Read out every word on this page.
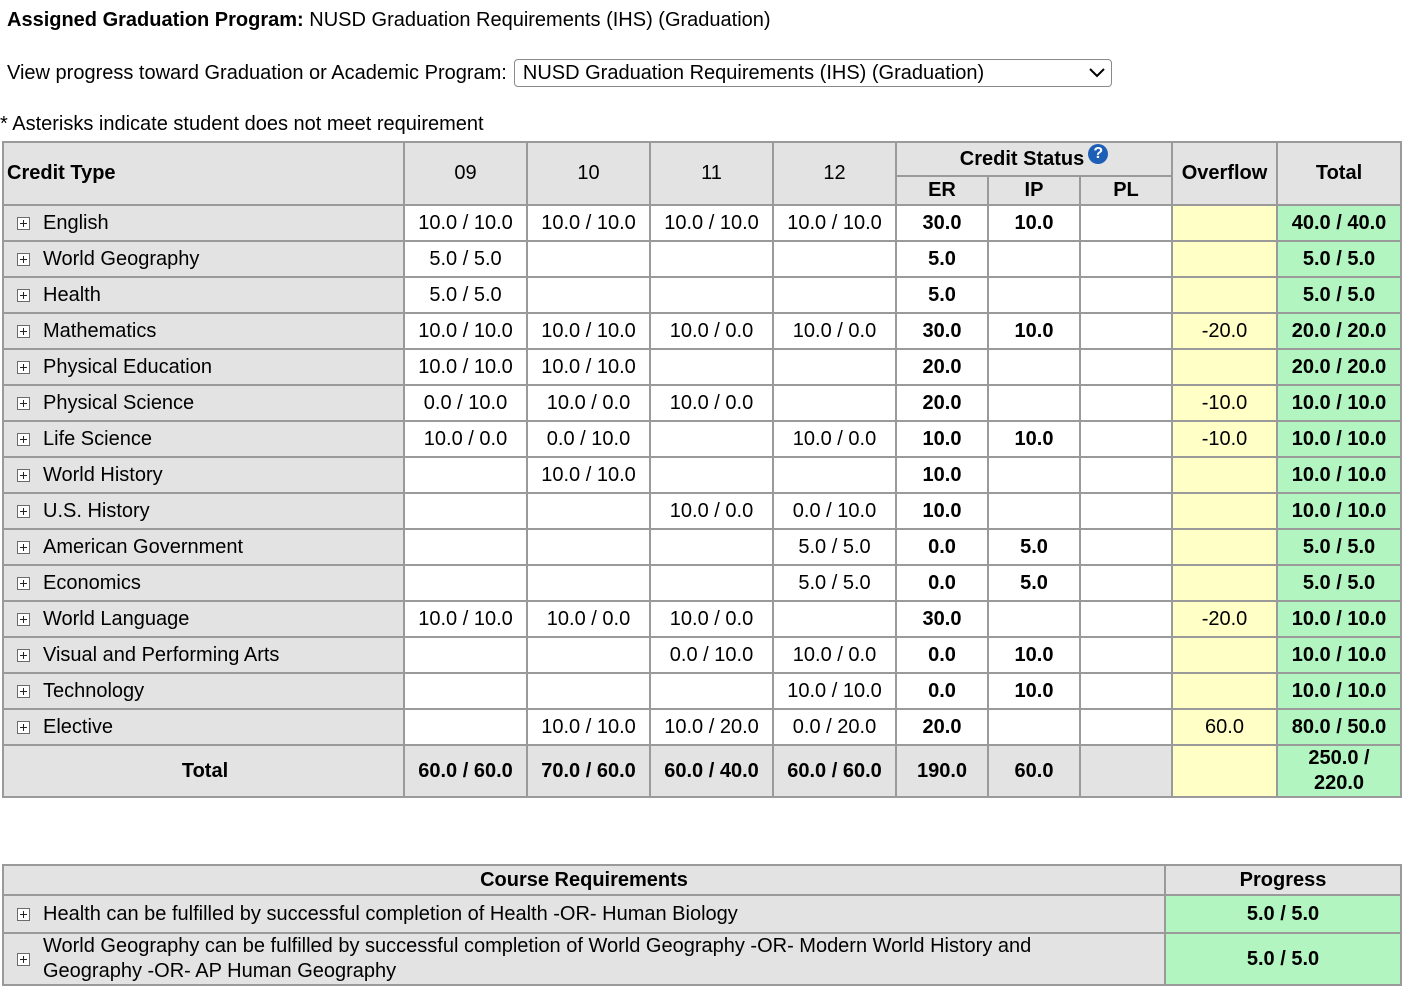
Assigned Graduation Program: NUSD Graduation Requirements (IHS) (Graduation)
View progress toward Graduation or Academic Program: NUSD Graduation Requirements (IHS) (Graduation)
* Asterisks indicate student does not meet requirement
Credit Type	09	10	11	12	Credit Status ?			Overflow	Total
					ER	IP	PL		
English	10.0 / 10.0	10.0 / 10.0	10.0 / 10.0	10.0 / 10.0	30.0	10.0			40.0 / 40.0
World Geography	5.0 / 5.0				5.0				5.0 / 5.0
Health	5.0 / 5.0				5.0				5.0 / 5.0
Mathematics	10.0 / 10.0	10.0 / 10.0	10.0 / 0.0	10.0 / 0.0	30.0	10.0		-20.0	20.0 / 20.0
Physical Education	10.0 / 10.0	10.0 / 10.0			20.0				20.0 / 20.0
Physical Science	0.0 / 10.0	10.0 / 0.0	10.0 / 0.0		20.0			-10.0	10.0 / 10.0
Life Science	10.0 / 0.0	0.0 / 10.0		10.0 / 0.0	10.0	10.0		-10.0	10.0 / 10.0
World History		10.0 / 10.0			10.0				10.0 / 10.0
U.S. History			10.0 / 0.0	0.0 / 10.0	10.0				10.0 / 10.0
American Government				5.0 / 5.0	0.0	5.0			5.0 / 5.0
Economics				5.0 / 5.0	0.0	5.0			5.0 / 5.0
World Language	10.0 / 10.0	10.0 / 0.0	10.0 / 0.0		30.0			-20.0	10.0 / 10.0
Visual and Performing Arts			0.0 / 10.0	10.0 / 0.0	0.0	10.0			10.0 / 10.0
Technology				10.0 / 10.0	0.0	10.0			10.0 / 10.0
Elective		10.0 / 10.0	10.0 / 20.0	0.0 / 20.0	20.0			60.0	80.0 / 50.0
Total	60.0 / 60.0	70.0 / 60.0	60.0 / 40.0	60.0 / 60.0	190.0	60.0			250.0 /
220.0
Course Requirements	Progress

Health can be fulfilled by successful completion of Health -OR- Human Biology	5.0 / 5.0

World Geography can be fulfilled by successful completion of World Geography -OR- Modern World History and
Geography -OR- AP Human Geography	5.0 / 5.0
